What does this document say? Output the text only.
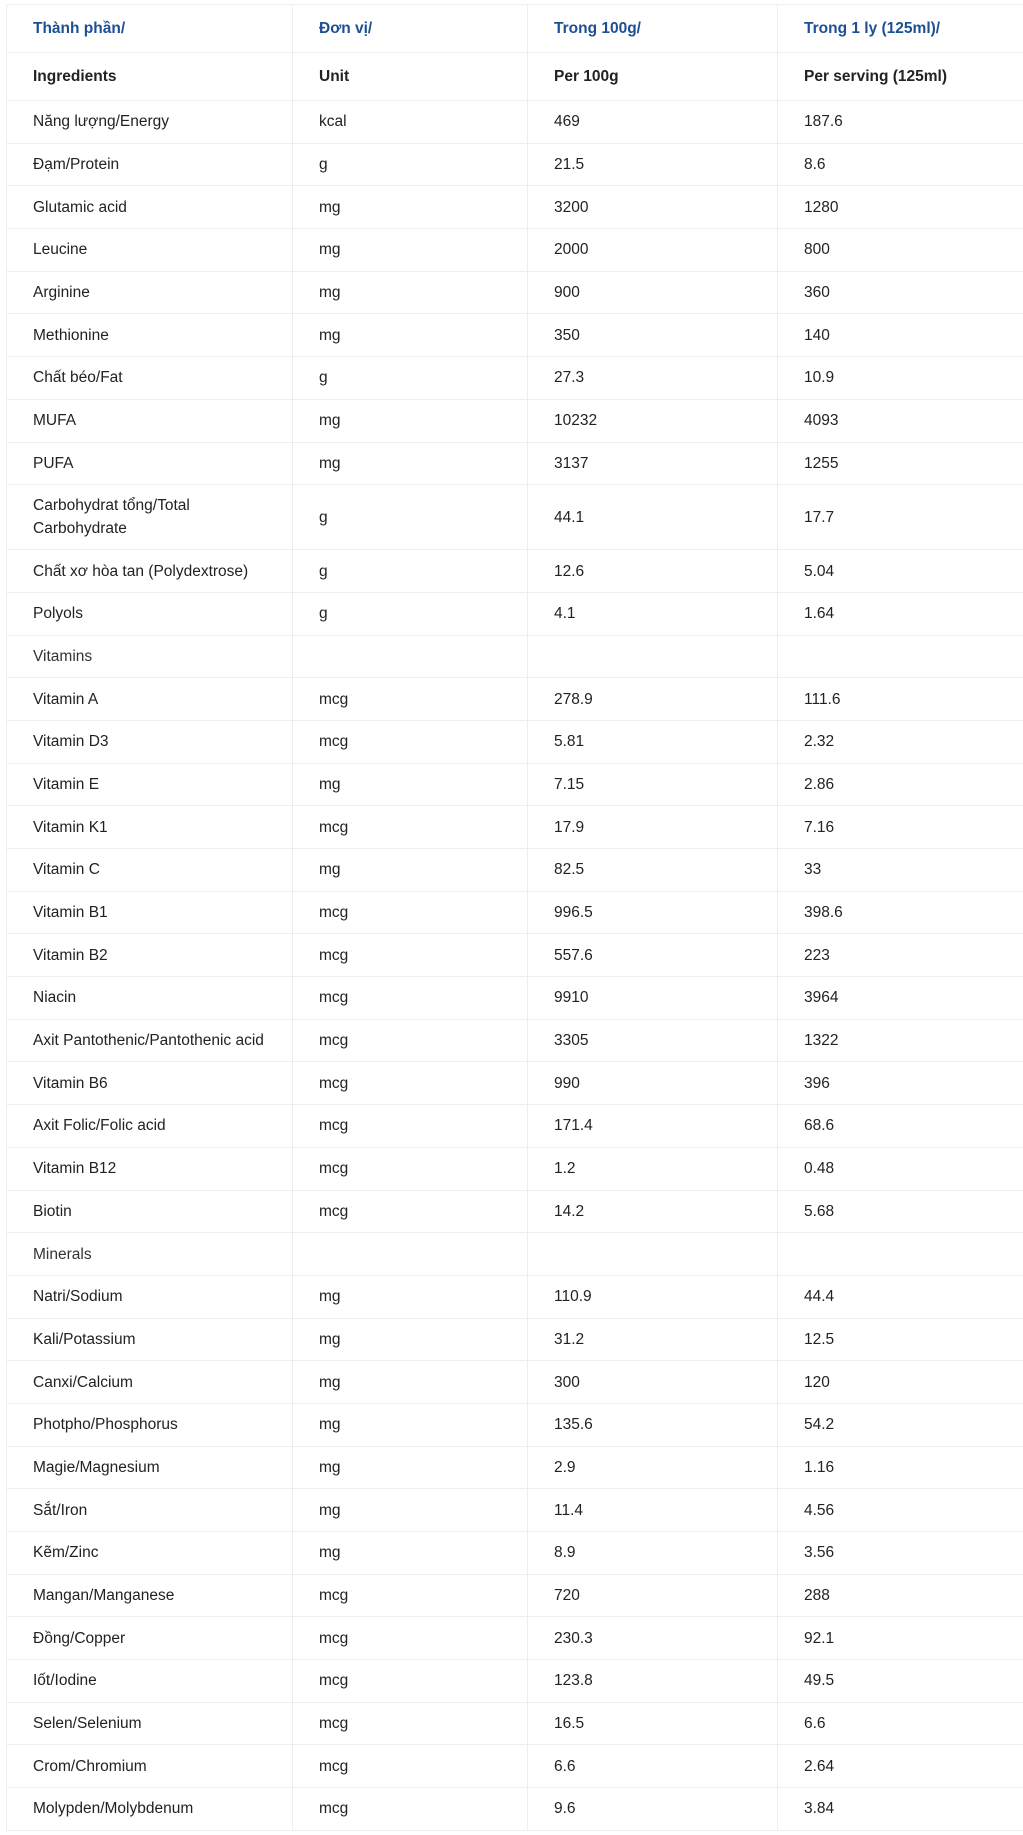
Thành phần/	Đơn vị/	Trong 100g/	Trong 1 ly (125ml)/
Ingredients	Unit	Per 100g	Per serving (125ml)
Năng lượng/Energy	kcal	469	187.6
Đạm/Protein	g	21.5	8.6
Glutamic acid	mg	3200	1280
Leucine	mg	2000	800
Arginine	mg	900	360
Methionine	mg	350	140
Chất béo/Fat	g	27.3	10.9
MUFA	mg	10232	4093
PUFA	mg	3137	1255
Carbohydrat tổng/Total Carbohydrate	g	44.1	17.7
Chất xơ hòa tan (Polydextrose)	g	12.6	5.04
Polyols	g	4.1	1.64
Vitamins			
Vitamin A	mcg	278.9	111.6
Vitamin D3	mcg	5.81	2.32
Vitamin E	mg	7.15	2.86
Vitamin K1	mcg	17.9	7.16
Vitamin C	mg	82.5	33
Vitamin B1	mcg	996.5	398.6
Vitamin B2	mcg	557.6	223
Niacin	mcg	9910	3964
Axit Pantothenic/Pantothenic acid	mcg	3305	1322
Vitamin B6	mcg	990	396
Axit Folic/Folic acid	mcg	171.4	68.6
Vitamin B12	mcg	1.2	0.48
Biotin	mcg	14.2	5.68
Minerals			
Natri/Sodium	mg	110.9	44.4
Kali/Potassium	mg	31.2	12.5
Canxi/Calcium	mg	300	120
Photpho/Phosphorus	mg	135.6	54.2
Magie/Magnesium	mg	2.9	1.16
Sắt/Iron	mg	11.4	4.56
Kẽm/Zinc	mg	8.9	3.56
Mangan/Manganese	mcg	720	288
Đồng/Copper	mcg	230.3	92.1
Iốt/Iodine	mcg	123.8	49.5
Selen/Selenium	mcg	16.5	6.6
Crom/Chromium	mcg	6.6	2.64
Molypden/Molybdenum	mcg	9.6	3.84
